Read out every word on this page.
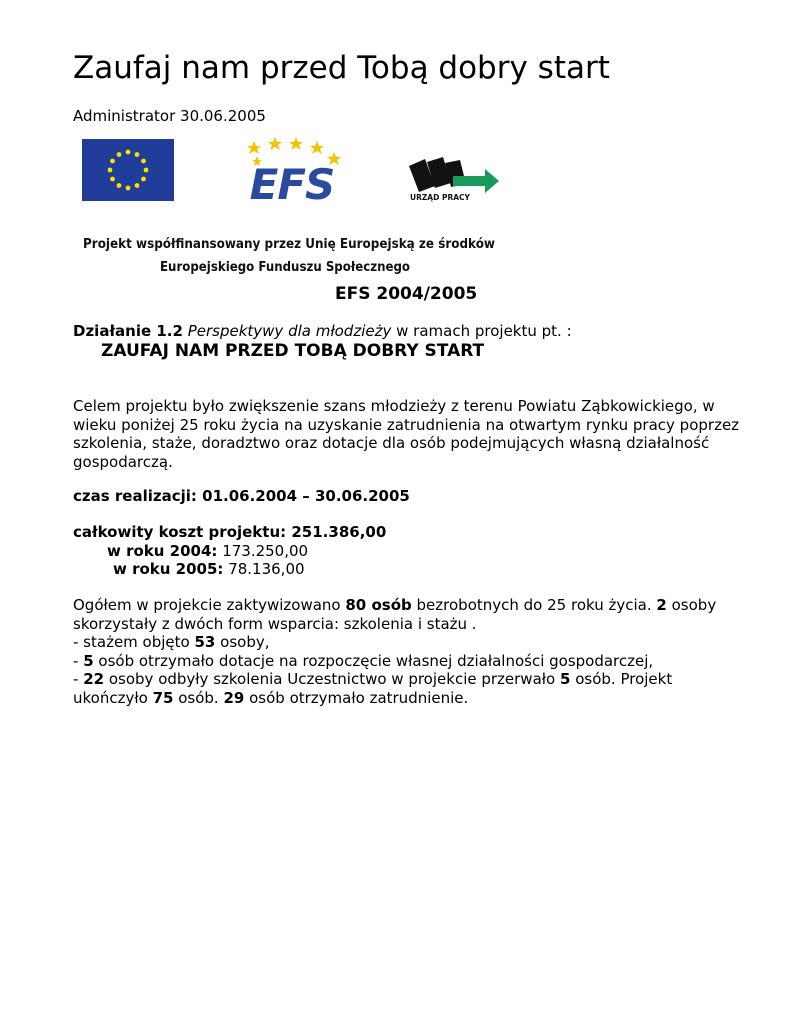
Zaufaj nam przed Tobą dobry start
Administrator 30.06.2005
EFS	URZĄD PRACY
Projekt współfinansowany przez Unię Europejską ze środków
Europejskiego Funduszu Społecznego
EFS 2004/2005
Działanie 1.2 Perspektywy dla młodzieży w ramach projektu pt. :
ZAUFAJ NAM PRZED TOBĄ DOBRY START
Celem projektu było zwiększenie szans młodzieży z terenu Powiatu Ząbkowickiego, w wieku poniżej 25 roku życia na uzyskanie zatrudnienia na otwartym rynku pracy poprzez szkolenia, staże, doradztwo oraz dotacje dla osób podejmujących własną działalność gospodarczą.
czas realizacji: 01.06.2004 – 30.06.2005
całkowity koszt projektu: 251.386,00
w roku 2004: 173.250,00
w roku 2005: 78.136,00
Ogółem w projekcie zaktywizowano 80 osób bezrobotnych do 25 roku życia. 2 osoby skorzystały z dwóch form wsparcia: szkolenia i stażu .
- stażem objęto 53 osoby,
- 5 osób otrzymało dotacje na rozpoczęcie własnej działalności gospodarczej,
- 22 osoby odbyły szkolenia Uczestnictwo w projekcie przerwało 5 osób. Projekt ukończyło 75 osób. 29 osób otrzymało zatrudnienie.
